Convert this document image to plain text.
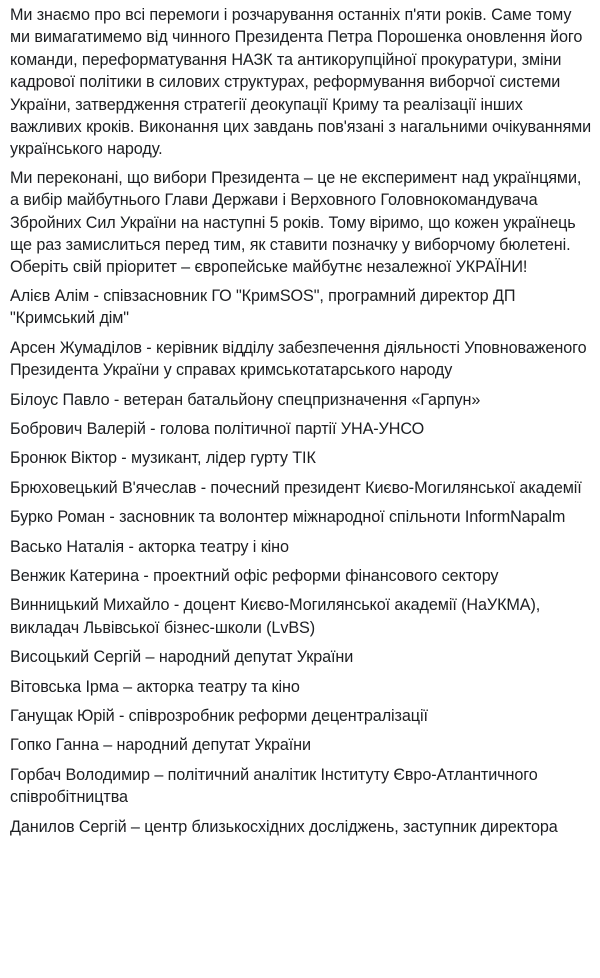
Ми знаємо про всі перемоги і розчарування останніх п'яти років. Саме тому ми вимагатимемо від чинного Президента Петра Порошенка оновлення його команди, переформатування НАЗК та антикорупційної прокуратури, зміни кадрової політики в силових структурах, реформування виборчої системи України, затвердження стратегії деокупації Криму та реалізації інших важливих кроків. Виконання цих завдань пов'язані з нагальними очікуваннями українського народу.

Ми переконані, що вибори Президента – це не експеримент над українцями, а вибір майбутнього Глави Держави і Верховного Головнокомандувача Збройних Сил України на наступні 5 років. Тому віримо, що кожен українець ще раз замислиться перед тим, як ставити позначку у виборчому бюлетені. Оберіть свій пріоритет – європейське майбутнє незалежної УКРАЇНИ!

Алієв Алім - співзасновник ГО "КримSOS", програмний директор ДП "Кримський дім"

Арсен Жумаділов - керівник відділу забезпечення діяльності Уповноваженого Президента України у справах кримськотатарського народу

Білоус Павло - ветеран батальйону спецпризначення «Гарпун»

Бобрович Валерій - голова політичної партії УНА-УНСО

Бронюк Віктор - музикант, лідер гурту ТІК

Брюховецький В'ячеслав - почесний президент Києво-Могилянської академії

Бурко Роман - засновник та волонтер міжнародної спільноти InformNapalm

Васько Наталія - акторка театру і кіно

Венжик Катерина - проектний офіс реформи фінансового сектору

Винницький Михайло - доцент Києво-Могилянської академії (НаУКМА), викладач Львівської бізнес-школи (LvBS)

Висоцький Сергій – народний депутат України

Вітовська Ірма – акторка театру та кіно

Ганущак Юрій - співрозробник реформи децентралізації

Гопко Ганна – народний депутат України

Горбач Володимир – політичний аналітик Інституту Євро-Атлантичного співробітництва

Данилов Сергій – центр близькосхідних досліджень, заступник директора
